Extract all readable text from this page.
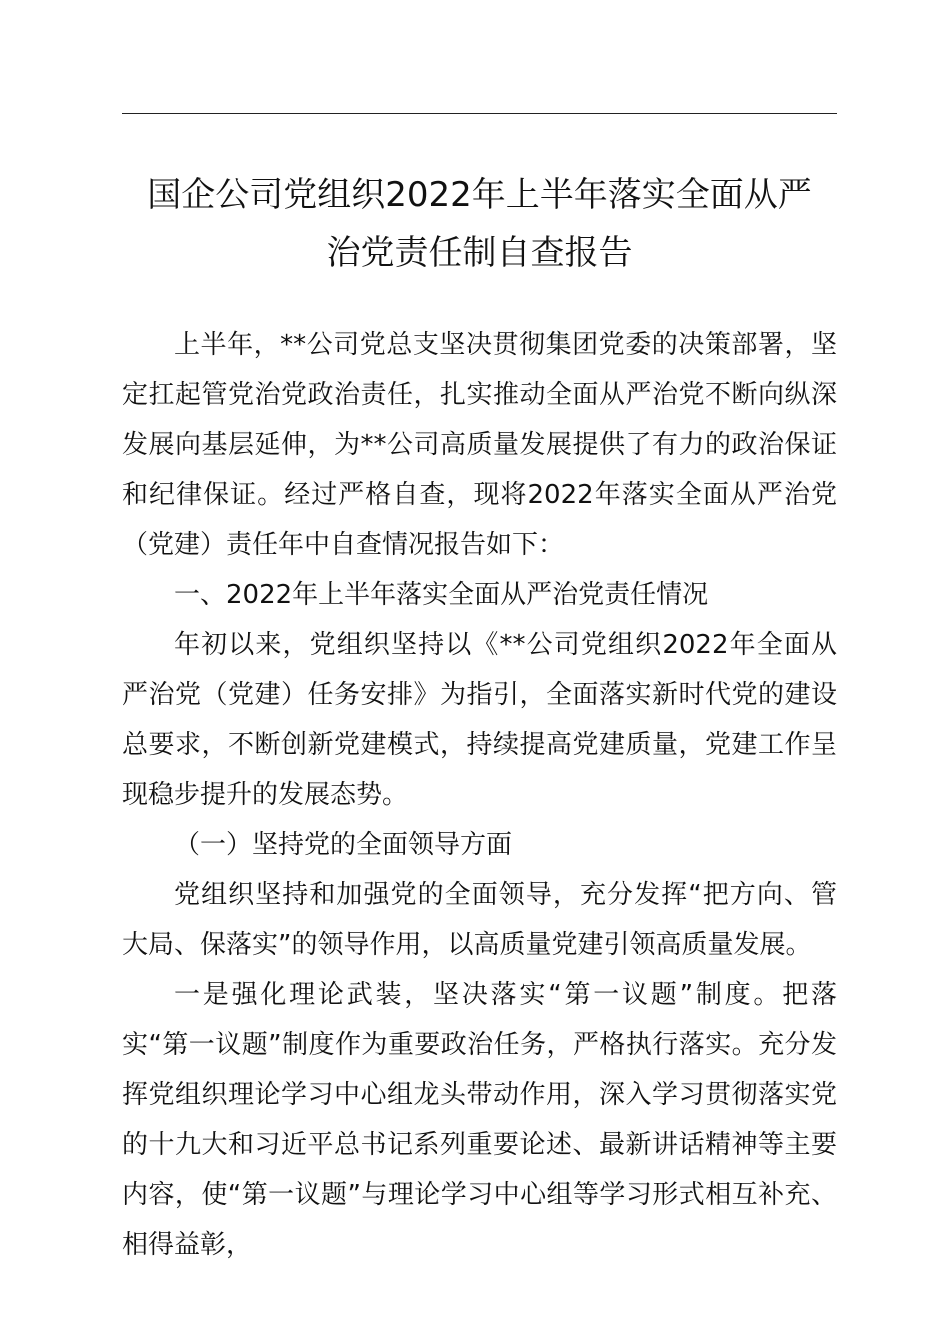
国企公司党组织2022年上半年落实全面从严
治党责任制自查报告

上半年，**公司党总支坚决贯彻集团党委的决策部署，坚定扛起管党治党政治责任，扎实推动全面从严治党不断向纵深发展向基层延伸，为**公司高质量发展提供了有力的政治保证和纪律保证。经过严格自查，现将2022年落实全面从严治党（党建）责任年中自查情况报告如下：

一、2022年上半年落实全面从严治党责任情况

年初以来，党组织坚持以《**公司党组织2022年全面从严治党（党建）任务安排》为指引，全面落实新时代党的建设总要求，不断创新党建模式，持续提高党建质量，党建工作呈现稳步提升的发展态势。

（一）坚持党的全面领导方面

党组织坚持和加强党的全面领导，充分发挥“把方向、管大局、保落实”的领导作用，以高质量党建引领高质量发展。

一是强化理论武装，坚决落实“第一议题”制度。把落实“第一议题”制度作为重要政治任务，严格执行落实。充分发挥党组织理论学习中心组龙头带动作用，深入学习贯彻落实党的十九大和习近平总书记系列重要论述、最新讲话精神等主要内容，使“第一议题”与理论学习中心组等学习形式相互补充、相得益彰，
